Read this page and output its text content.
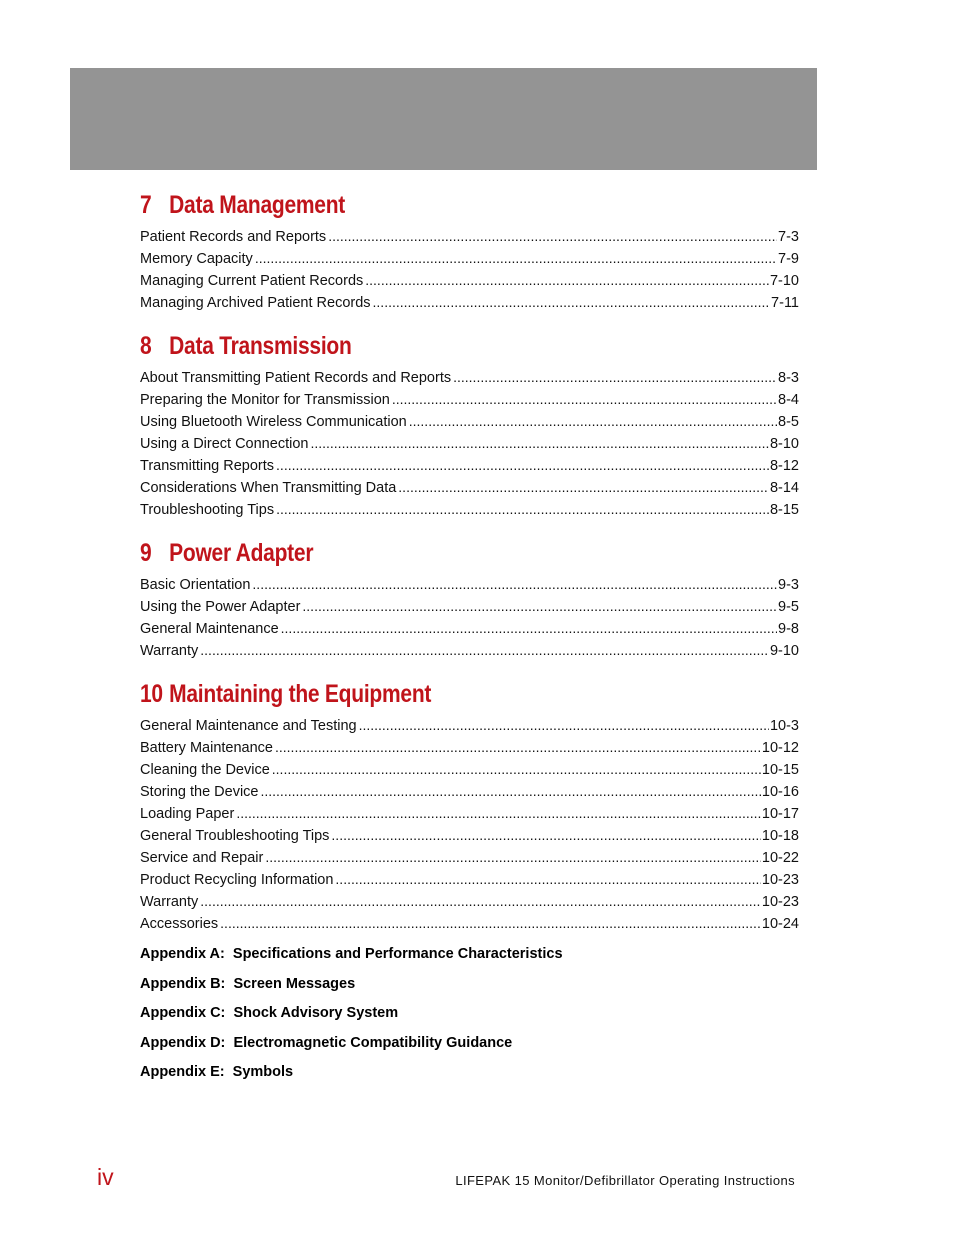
7 Data Management
Patient Records and Reports .....	7-3
Memory Capacity .....	7-9
Managing Current Patient Records .....	7-10
Managing Archived Patient Records .....	7-11
8 Data Transmission
About Transmitting Patient Records and Reports .....	8-3
Preparing the Monitor for Transmission .....	8-4
Using Bluetooth Wireless Communication .....	8-5
Using a Direct Connection .....	8-10
Transmitting Reports .....	8-12
Considerations When Transmitting Data .....	8-14
Troubleshooting Tips .....	8-15
9 Power Adapter
Basic Orientation .....	9-3
Using the Power Adapter .....	9-5
General Maintenance .....	9-8
Warranty .....	9-10
10 Maintaining the Equipment
General Maintenance and Testing .....	10-3
Battery Maintenance .....	10-12
Cleaning the Device .....	10-15
Storing the Device .....	10-16
Loading Paper .....	10-17
General Troubleshooting Tips .....	10-18
Service and Repair .....	10-22
Product Recycling Information .....	10-23
Warranty .....	10-23
Accessories .....	10-24
Appendix A:  Specifications and Performance Characteristics
Appendix B:  Screen Messages
Appendix C:  Shock Advisory System
Appendix D:  Electromagnetic Compatibility Guidance
Appendix E:  Symbols
iv	LIFEPAK 15 Monitor/Defibrillator Operating Instructions
